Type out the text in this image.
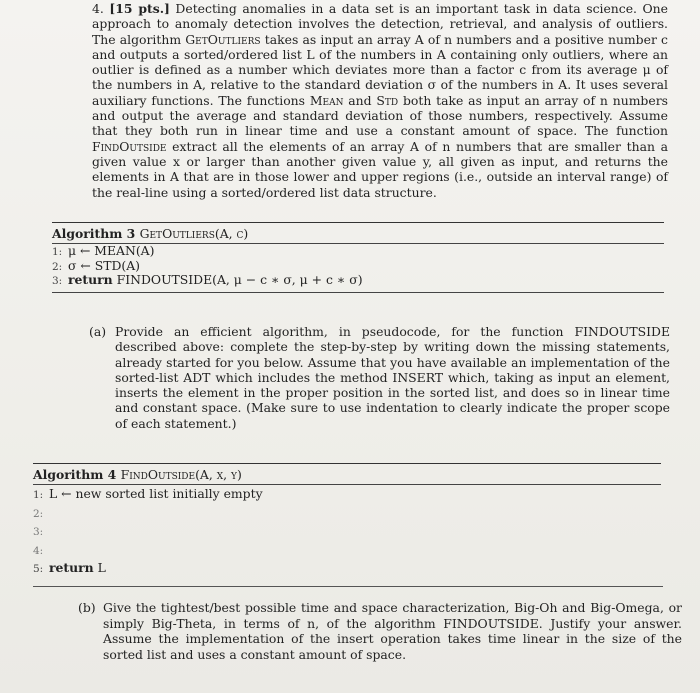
4. [15 pts.] Detecting anomalies in a data set is an important task in data science. One approach to anomaly detection involves the detection, retrieval, and analysis of outliers. The algorithm GetOutliers takes as input an array A of n numbers and a positive number c and outputs a sorted/ordered list L of the numbers in A containing only outliers, where an outlier is defined as a number which deviates more than a factor c from its average μ of the numbers in A, relative to the standard deviation σ of the numbers in A. It uses several auxiliary functions. The functions Mean and Std both take as input an array of n numbers and output the average and standard deviation of those numbers, respectively. Assume that they both run in linear time and use a constant amount of space. The function FindOutside extract all the elements of an array A of n numbers that are smaller than a given value x or larger than another given value y, all given as input, and returns the elements in A that are in those lower and upper regions (i.e., outside an interval range) of the real-line using a sorted/ordered list data structure.
Algorithm 3 GetOutliers(A, c)
1: μ ← MEAN(A)
2: σ ← STD(A)
3: return FINDOUTSIDE(A, μ − c ∗ σ, μ + c ∗ σ)
(a) Provide an efficient algorithm, in pseudocode, for the function FINDOUTSIDE described above: complete the step-by-step by writing down the missing statements, already started for you below. Assume that you have available an implementation of the sorted-list ADT which includes the method INSERT which, taking as input an element, inserts the element in the proper position in the sorted list, and does so in linear time and constant space. (Make sure to use indentation to clearly indicate the proper scope of each statement.)
Algorithm 4 FindOutside(A, x, y)
1: L ← new sorted list initially empty
2:
3:
4:
5: return L
(b) Give the tightest/best possible time and space characterization, Big-Oh and Big-Omega, or simply Big-Theta, in terms of n, of the algorithm FINDOUTSIDE. Justify your answer. Assume the implementation of the insert operation takes time linear in the size of the sorted list and uses a constant amount of space.
